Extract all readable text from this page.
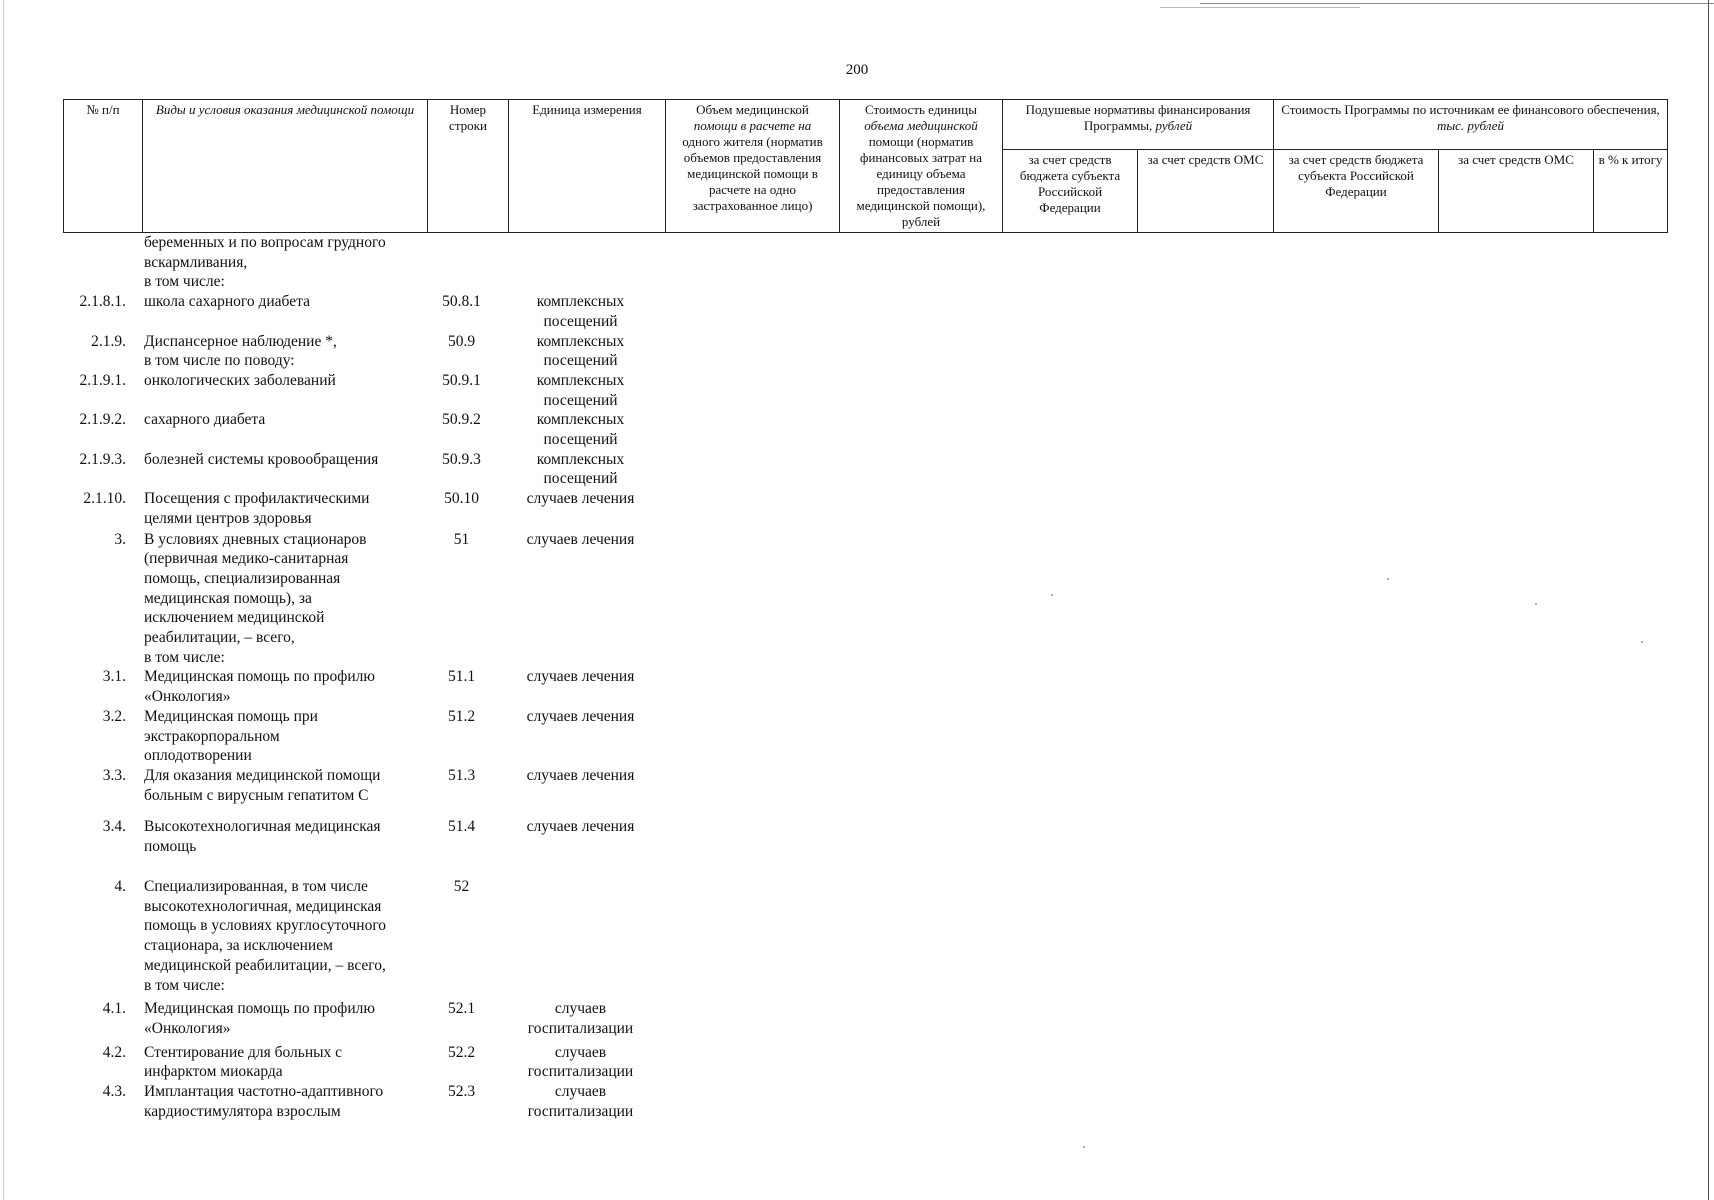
200
№ п/п	Виды и условия оказания медицинской помощи	Номер строки	Единица измерения	Объем медицинской
помощи в расчете на
одного жителя (норматив объемов предоставления медицинской помощи в расчете на одно застрахованное лицо)	Стоимость единицы
объема медицинской
помощи (норматив финансовых затрат на единицу объема предоставления медицинской помощи), рублей	Подушевые нормативы финансирования Программы, рублей		Стоимость Программы по источникам ее финансового обеспечения, тыс. рублей		
						за счет средств бюджета субъекта Российской Федерации	за счет средств ОМС	за счет средств бюджета субъекта Российской Федерации	за счет средств ОМС	в % к итогу
беременных и по вопросам грудного
вскармливания,
в том числе:
2.1.8.1.	школа сахарного диабета	50.8.1	комплексных посещений
2.1.9.	Диспансерное наблюдение *,
в том числе по поводу:
50.9	комплексных посещений
2.1.9.1.	онкологических заболеваний	50.9.1	комплексных посещений
2.1.9.2.	сахарного диабета	50.9.2	комплексных посещений
2.1.9.3.	болезней системы кровообращения	50.9.3	комплексных посещений
2.1.10.	Посещения с профилактическими
целями центров здоровья
50.10	случаев лечения
3.	В условиях дневных стационаров
(первичная медико-санитарная
помощь, специализированная
медицинская помощь), за
исключением медицинской
реабилитации, – всего,
в том числе:
51	случаев лечения
3.1.	Медицинская помощь по профилю
«Онкология»
51.1	случаев лечения
3.2.	Медицинская помощь при
экстракорпоральном
оплодотворении
51.2	случаев лечения
3.3.	Для оказания медицинской помощи
больным с вирусным гепатитом С
51.3	случаев лечения
3.4.	Высокотехнологичная медицинская
помощь
51.4	случаев лечения
4.	Специализированная, в том числе
высокотехнологичная, медицинская
помощь в условиях круглосуточного
стационара, за исключением
медицинской реабилитации, – всего,
в том числе:
52
4.1.	Медицинская помощь по профилю
«Онкология»
52.1	случаев госпитализации
4.2.	Стентирование для больных с
инфарктом миокарда
52.2	случаев госпитализации
4.3.	Имплантация частотно-адаптивного
кардиостимулятора взрослым
52.3	случаев госпитализации
